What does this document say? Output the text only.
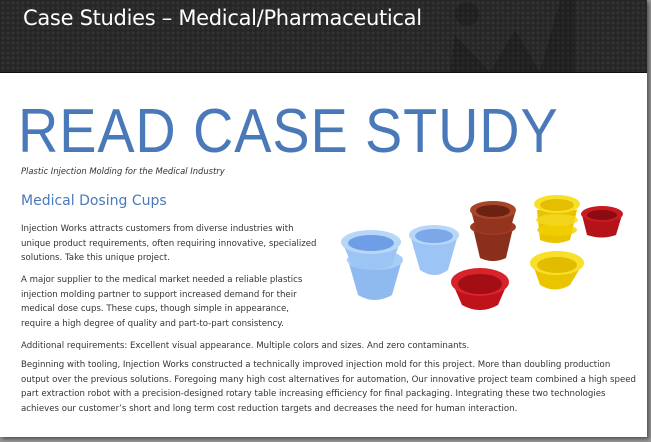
Case Studies – Medical/Pharmaceutical
READ CASE STUDY
Plastic Injection Molding for the Medical Industry
Medical Dosing Cups
Injection Works attracts customers from diverse industries with unique product requirements, often requiring innovative, specialized solutions. Take this unique project.
A major supplier to the medical market needed a reliable plastics injection molding partner to support increased demand for their medical dose cups. These cups, though simple in appearance, require a high degree of quality and part-to-part consistency.
Additional requirements: Excellent visual appearance. Multiple colors and sizes. And zero contaminants.
Beginning with tooling, Injection Works constructed a technically improved injection mold for this project. More than doubling production output over the previous solutions. Foregoing many high cost alternatives for automation, Our innovative project team combined a high speed part extraction robot with a precision-designed rotary table increasing efficiency for final packaging. Integrating these two technologies achieves our customer’s short and long term cost reduction targets and decreases the need for human interaction.
